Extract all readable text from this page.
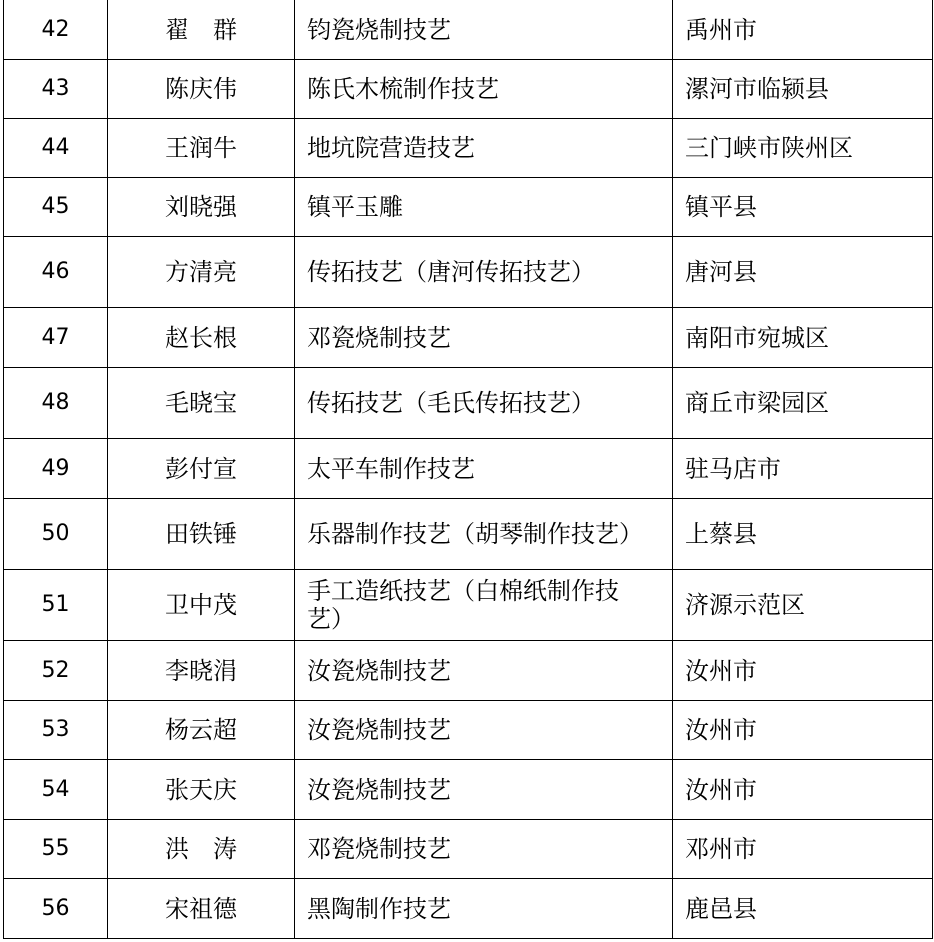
42	翟　群	钧瓷烧制技艺	禹州市
43	陈庆伟	陈氏木梳制作技艺	漯河市临颍县
44	王润牛	地坑院营造技艺	三门峡市陕州区
45	刘晓强	镇平玉雕	镇平县
46	方清亮	传拓技艺（唐河传拓技艺）	唐河县
47	赵长根	邓瓷烧制技艺	南阳市宛城区
48	毛晓宝	传拓技艺（毛氏传拓技艺）	商丘市梁园区
49	彭付宣	太平车制作技艺	驻马店市
50	田铁锤	乐器制作技艺（胡琴制作技艺）	上蔡县
51	卫中茂	手工造纸技艺（白棉纸制作技艺）	济源示范区
52	李晓涓	汝瓷烧制技艺	汝州市
53	杨云超	汝瓷烧制技艺	汝州市
54	张天庆	汝瓷烧制技艺	汝州市
55	洪　涛	邓瓷烧制技艺	邓州市
56	宋祖德	黑陶制作技艺	鹿邑县
